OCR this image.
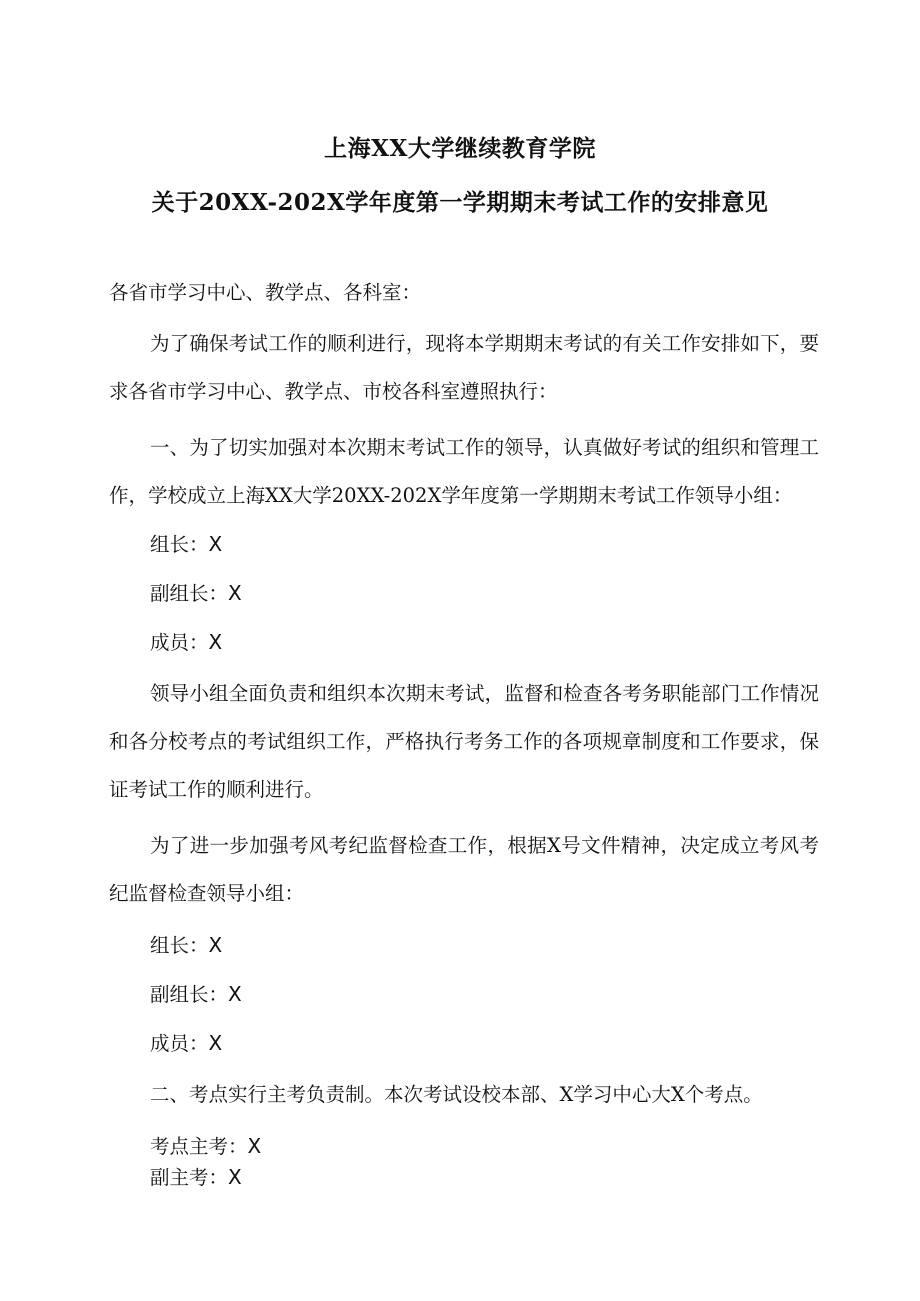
上海XX大学继续教育学院
关于20XX-202X学年度第一学期期末考试工作的安排意见

各省市学习中心、教学点、各科室：

为了确保考试工作的顺利进行，现将本学期期末考试的有关工作安排如下，要求各省市学习中心、教学点、市校各科室遵照执行：

一、为了切实加强对本次期末考试工作的领导，认真做好考试的组织和管理工作，学校成立上海XX大学20XX-202X学年度第一学期期末考试工作领导小组：

组长：X

副组长：X

成员：X

领导小组全面负责和组织本次期末考试，监督和检查各考务职能部门工作情况和各分校考点的考试组织工作，严格执行考务工作的各项规章制度和工作要求，保证考试工作的顺利进行。

为了进一步加强考风考纪监督检查工作，根据X号文件精神，决定成立考风考纪监督检查领导小组：

组长：X

副组长：X

成员：X

二、考点实行主考负责制。本次考试设校本部、X学习中心大X个考点。

考点主考：X

副主考：X
